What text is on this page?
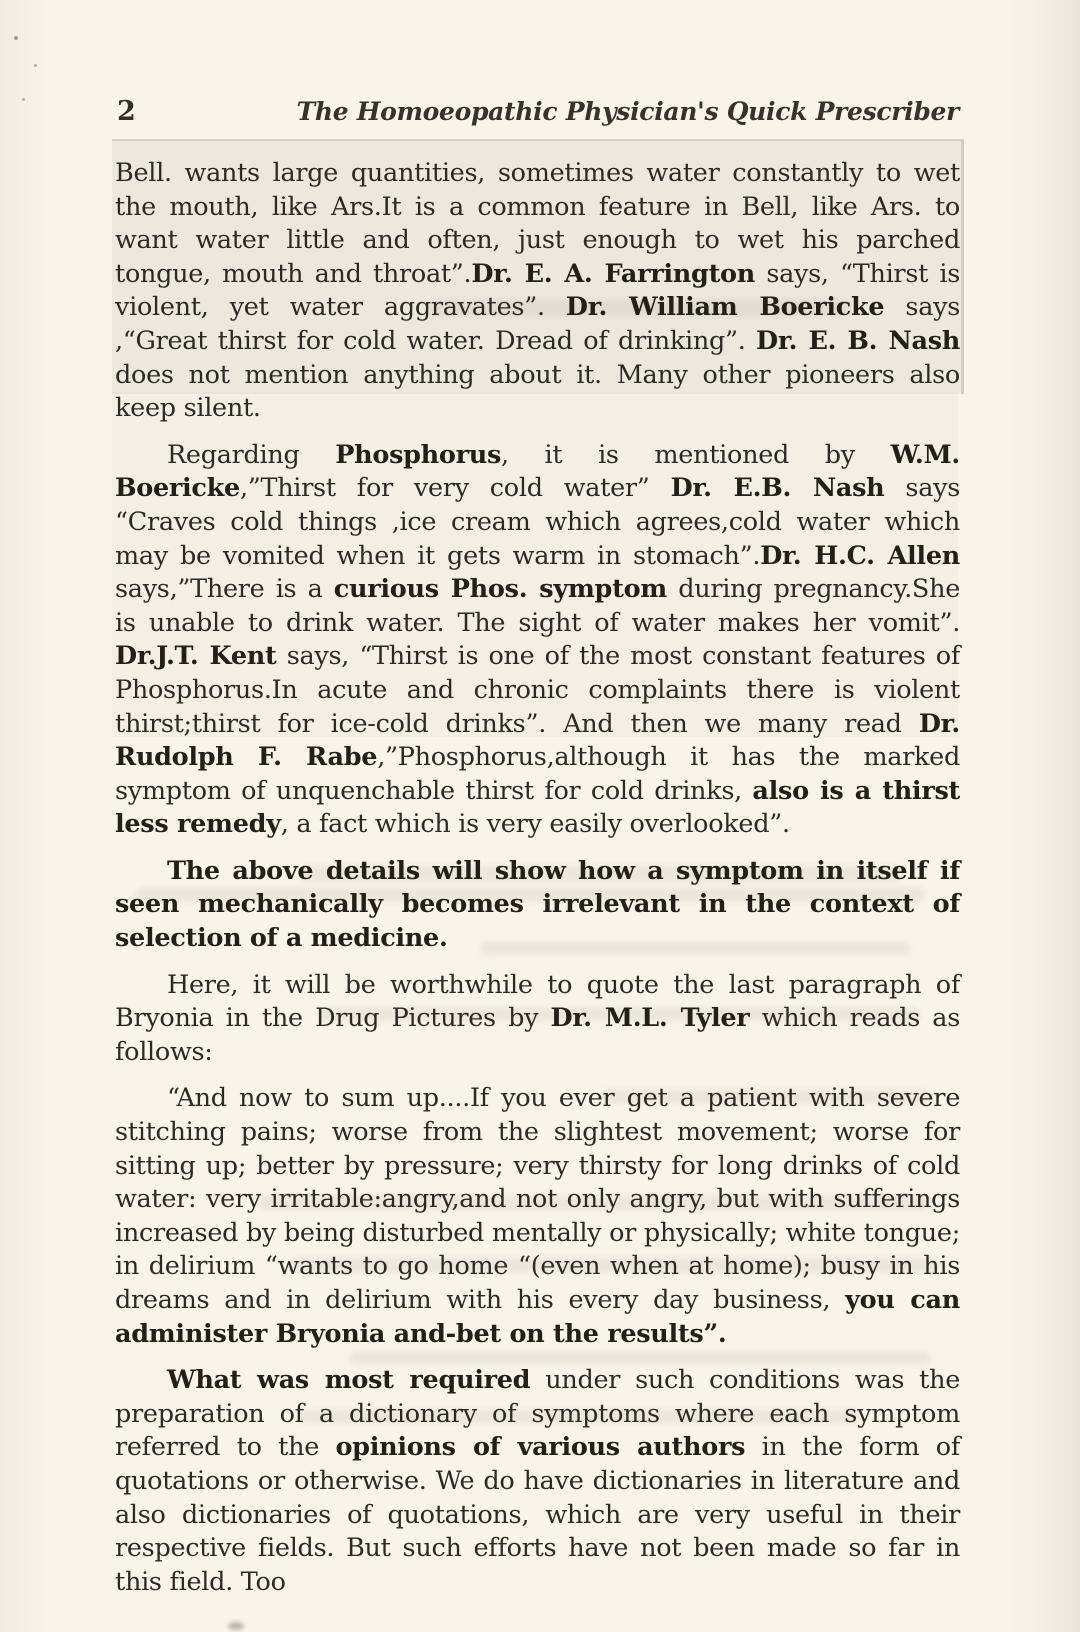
2	The Homoeopathic Physician's Quick Prescriber

Bell. wants large quantities, sometimes water constantly to wet the mouth, like Ars.It is a common feature in Bell, like Ars. to want water little and often, just enough to wet his parched tongue, mouth and throat”.Dr. E. A. Farrington says, “Thirst is violent, yet water aggravates”. Dr. William Boericke says ,“Great thirst for cold water. Dread of drinking”. Dr. E. B. Nash does not mention anything about it. Many other pioneers also keep silent.

Regarding Phosphorus, it is mentioned by W.M. Boericke,”Thirst for very cold water” Dr. E.B. Nash says “Craves cold things ,ice cream which agrees,cold water which may be vomited when it gets warm in stomach”.Dr. H.C. Allen says,”There is a curious Phos. symptom during pregnancy.She is unable to drink water. The sight of water makes her vomit”. Dr.J.T. Kent says, “Thirst is one of the most constant features of Phosphorus.In acute and chronic complaints there is violent thirst;thirst for ice-cold drinks”. And then we many read Dr. Rudolph F. Rabe,”Phosphorus,although it has the marked symptom of unquenchable thirst for cold drinks, also is a thirst less remedy, a fact which is very easily overlooked”.

The above details will show how a symptom in itself if seen mechanically becomes irrelevant in the context of selection of a medicine.

Here, it will be worthwhile to quote the last paragraph of Bryonia in the Drug Pictures by Dr. M.L. Tyler which reads as follows:

“And now to sum up....If you ever get a patient with severe stitching pains; worse from the slightest movement; worse for sitting up; better by pressure; very thirsty for long drinks of cold water: very irritable:angry,and not only angry, but with sufferings increased by being disturbed mentally or physically; white tongue; in delirium “wants to go home “(even when at home); busy in his dreams and in delirium with his every day business, you can administer Bryonia and-bet on the results”.

What was most required under such conditions was the preparation of a dictionary of symptoms where each symptom referred to the opinions of various authors in the form of quotations or otherwise. We do have dictionaries in literature and also dictionaries of quotations, which are very useful in their respective fields. But such efforts have not been made so far in this field. Too
